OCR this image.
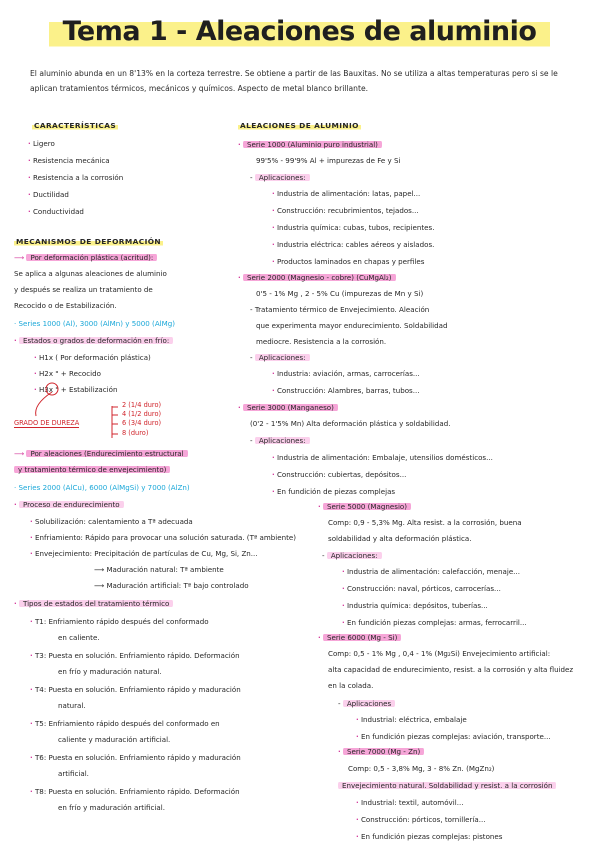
Tema 1 - Aleaciones de aluminio
El aluminio abunda en un 8'13% en la corteza terrestre. Se obtiene a partir de las Bauxitas. No se utiliza a altas temperaturas pero si se le aplican tratamientos térmicos, mecánicos y químicos. Aspecto de metal blanco brillante.
CARACTERÍSTICAS
· Ligero
· Resistencia mecánica
· Resistencia a la corrosión
· Ductilidad
· Conductividad
MECANISMOS DE DEFORMACIÓN
⟶ Por deformación plástica (acritud):
Se aplica a algunas aleaciones de aluminio
y después se realiza un tratamiento de
Recocido o de Estabilización.
· Series 1000 (Al), 3000 (AlMn) y 5000 (AlMg)
· Estados o grados de deformación en frío:
· H1x ( Por deformación plástica)
· H2x " + Recocido
· H3x " + Estabilización
GRADO DE DUREZA
2 (1/4 duro)
4 (1/2 duro)
6 (3/4 duro)
8 (duro)
⟶ Por aleaciones (Endurecimiento estructural
y tratamiento térmico de envejecimiento)
· Series 2000 (AlCu), 6000 (AlMgSi) y 7000 (AlZn)
· Proceso de endurecimiento
· Solubilización: calentamiento a Tª adecuada
· Enfriamiento: Rápido para provocar una solución saturada. (Tª ambiente)
· Envejecimiento: Precipitación de partículas de Cu, Mg, Si, Zn...
⟶ Maduración natural: Tª ambiente
⟶ Maduración artificial: Tª bajo controlado
· Tipos de estados del tratamiento térmico
· T1: Enfriamiento rápido después del conformado
en caliente.
· T3: Puesta en solución. Enfriamiento rápido. Deformación
en frío y maduración natural.
· T4: Puesta en solución. Enfriamiento rápido y maduración
natural.
· T5: Enfriamiento rápido después del conformado en
caliente y maduración artificial.
· T6: Puesta en solución. Enfriamiento rápido y maduración
artificial.
· T8: Puesta en solución. Enfriamiento rápido. Deformación
en frío y maduración artificial.
ALEACIONES DE ALUMINIO
· Serie 1000 (Aluminio puro industrial)
99'5% - 99'9% Al + impurezas de Fe y Si
- Aplicaciones:
· Industria de alimentación: latas, papel...
· Construcción: recubrimientos, tejados...
· Industria química: cubas, tubos, recipientes.
· Industria eléctrica: cables aéreos y aislados.
· Productos laminados en chapas y perfiles
· Serie 2000 (Magnesio - cobre) (CuMgAl₂)
0'5 - 1% Mg , 2 - 5% Cu (impurezas de Mn y Si)
- Tratamiento térmico de Envejecimiento. Aleación
que experimenta mayor endurecimiento. Soldabilidad
mediocre. Resistencia a la corrosión.
- Aplicaciones:
· Industria: aviación, armas, carrocerías...
· Construcción: Alambres, barras, tubos...
· Serie 3000 (Manganeso)
(0'2 - 1'5% Mn) Alta deformación plástica y soldabilidad.
- Aplicaciones:
· Industria de alimentación: Embalaje, utensilios domésticos...
· Construcción: cubiertas, depósitos...
· En fundición de piezas complejas
· Serie 5000 (Magnesio)
Comp: 0,9 - 5,3% Mg. Alta resist. a la corrosión, buena
soldabilidad y alta deformación plástica.
- Aplicaciones:
· Industria de alimentación: calefacción, menaje...
· Construcción: naval, pórticos, carrocerías...
· Industria química: depósitos, tuberías...
· En fundición piezas complejas: armas, ferrocarril...
· Serie 6000 (Mg - Si)
Comp: 0,5 - 1% Mg , 0,4 - 1% (Mg₂Si) Envejecimiento artificial:
alta capacidad de endurecimiento, resist. a la corrosión y alta fluidez
en la colada.
- Aplicaciones
· Industrial: eléctrica, embalaje
· En fundición piezas complejas: aviación, transporte...
· Serie 7000 (Mg - Zn)
Comp: 0,5 - 3,8% Mg, 3 - 8% Zn. (MgZn₂)
Envejecimiento natural. Soldabilidad y resist. a la corrosión
· Industrial: textil, automóvil...
· Construcción: pórticos, tornillería...
· En fundición piezas complejas: pistones
